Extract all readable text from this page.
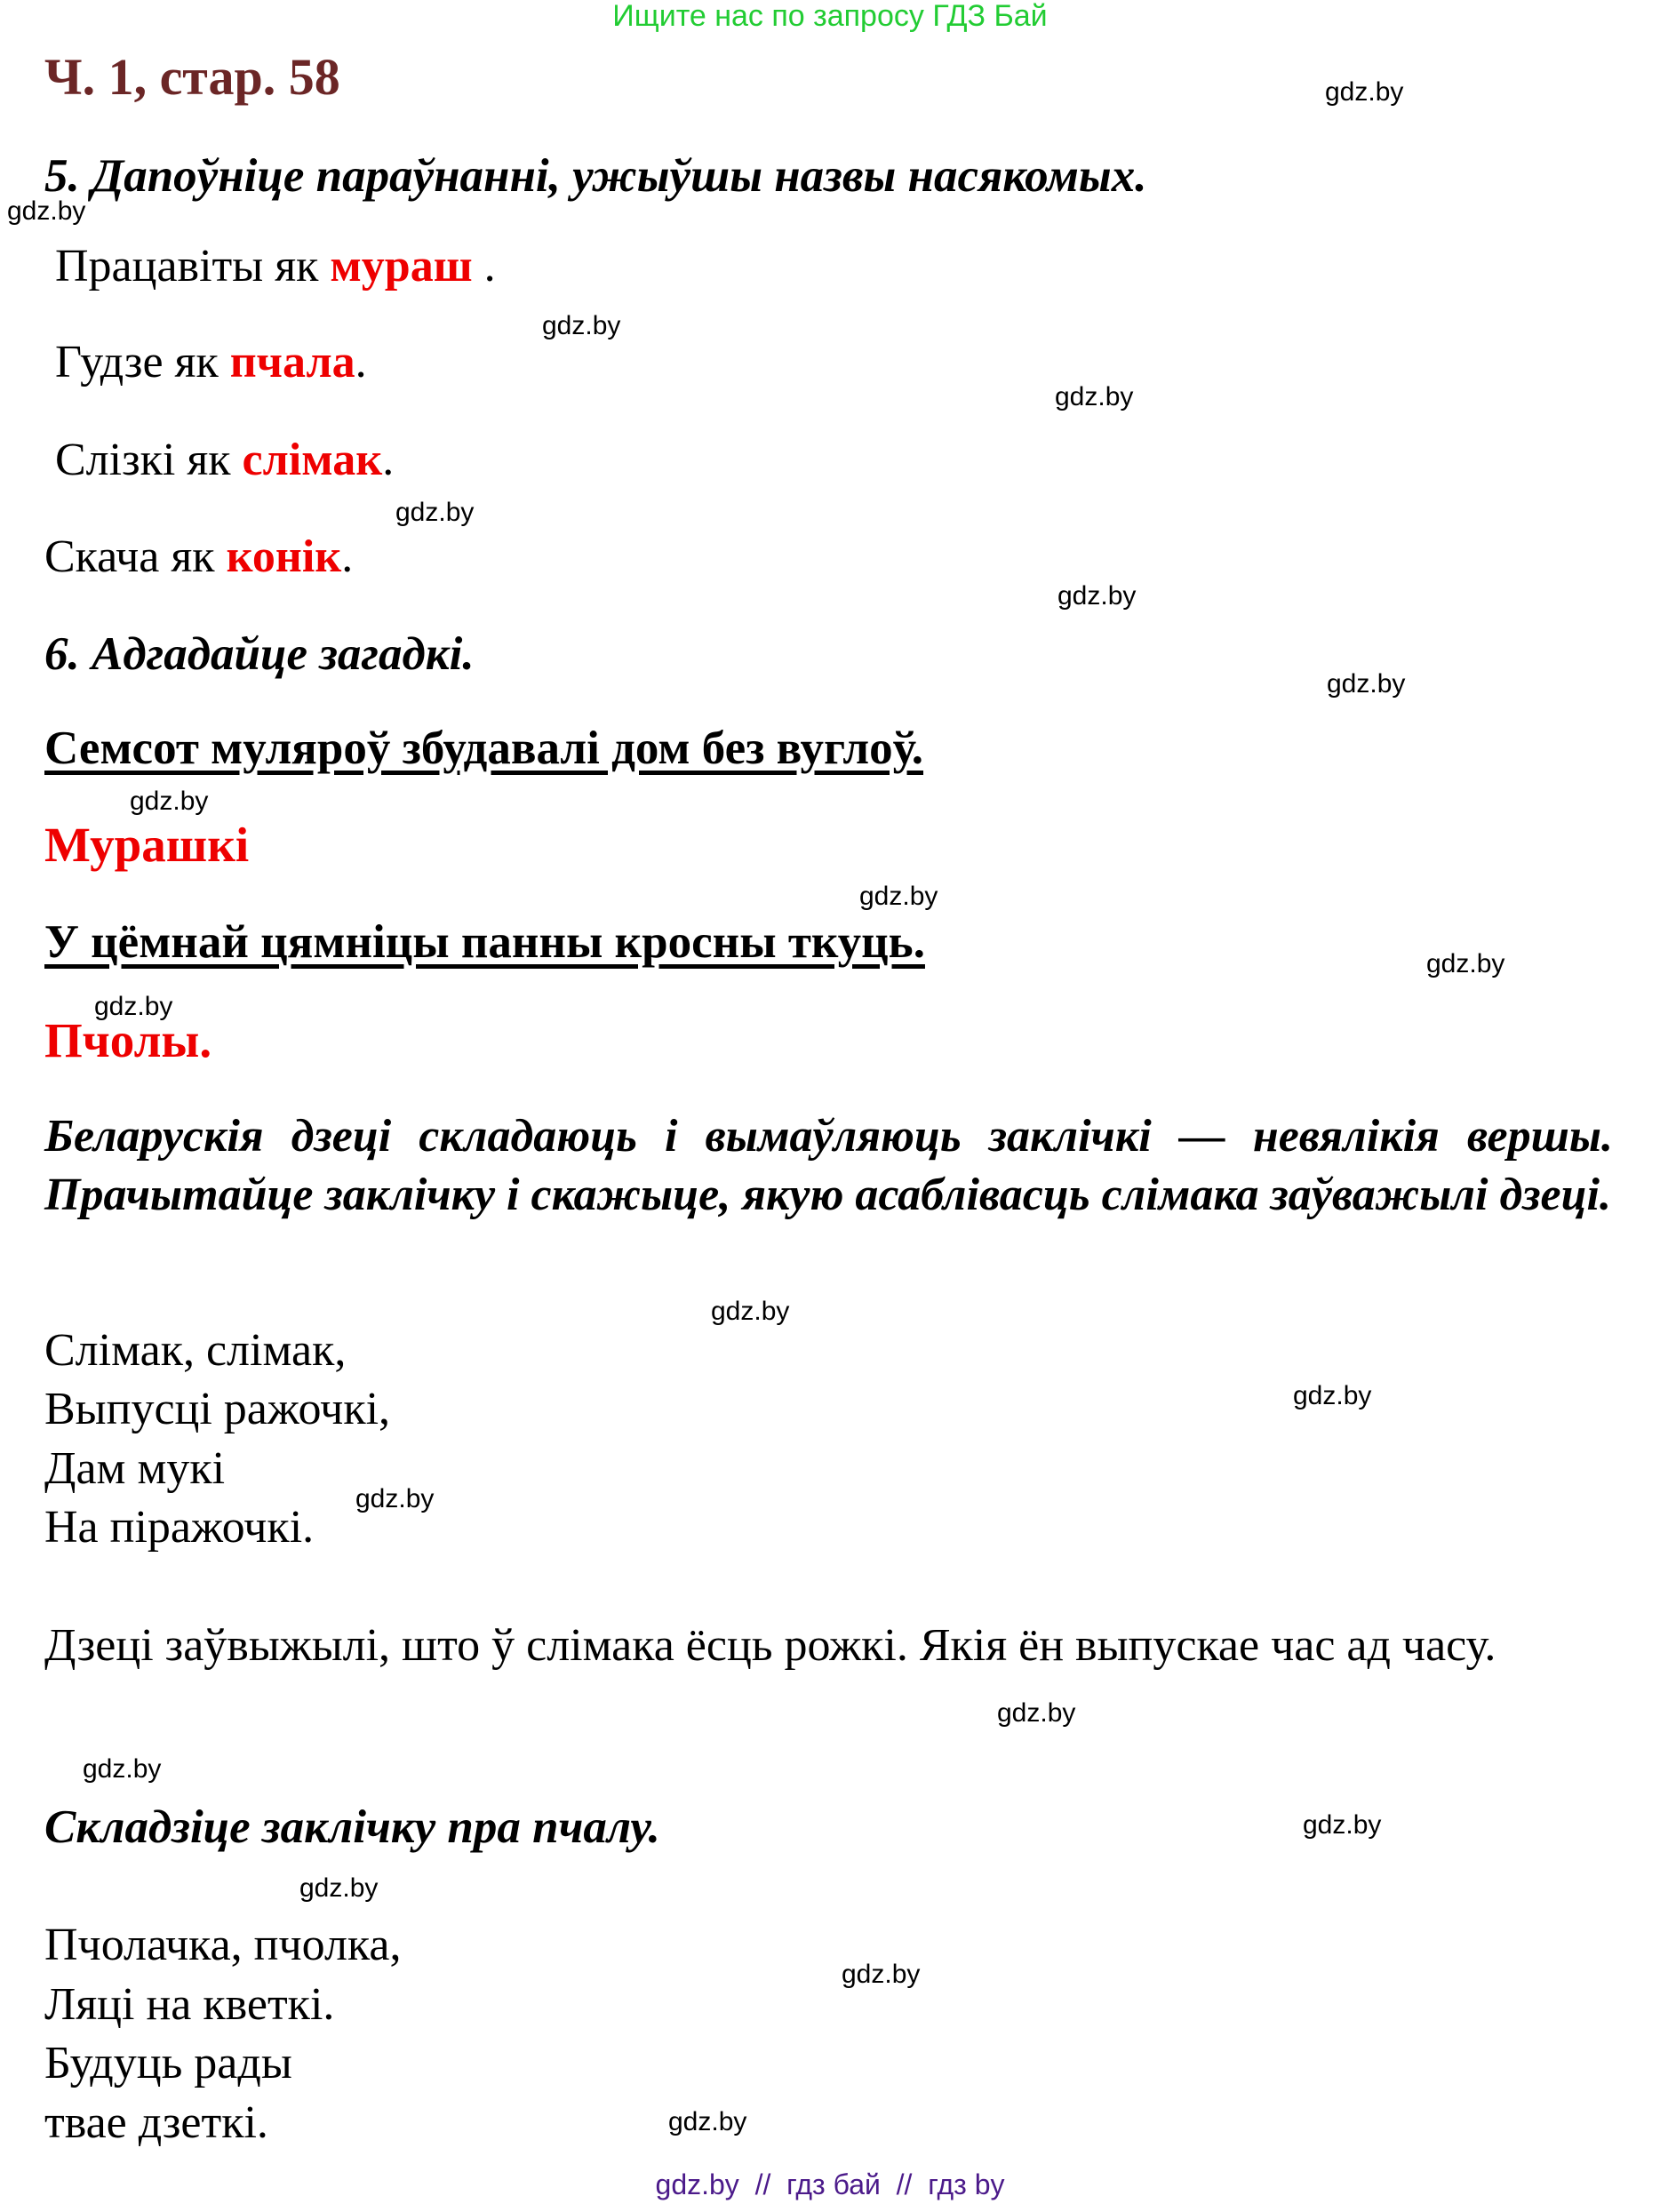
Ищите нас по запросу ГДЗ Бай
Ч. 1, стар. 58
5. Дапоўніце параўнанні, ужыўшы назвы насякомых.
Працавіты як мураш .
Гудзе як пчала.
Слізкі як слімак.
Скача як конік.
6. Адгадайце загадкі.
Семсот муляроў збудавалі дом без вуглоў.
Мурашкі
У цёмнай цямніцы панны кросны ткуць.
Пчолы.
Беларускія дзеці складаюць і вымаўляюць заклічкі — невялікія вершы. Прачытайце заклічку і скажыце, якую асаблівасць слімака заўважылі дзеці.
Слімак, слімак,
Выпусці ражочкі,
Дам мукі
На піражочкі.
Дзеці заўвыжылі, што ў слімака ёсць рожкі. Якія ён выпускае час ад часу.
Складзіце заклічку пра пчалу.
Пчолачка, пчолка,
Ляці на кветкі.
Будуць рады
твае дзеткі.
gdz.by
gdz.by
gdz.by
gdz.by
gdz.by
gdz.by
gdz.by
gdz.by
gdz.by
gdz.by
gdz.by
gdz.by
gdz.by
gdz.by
gdz.by
gdz.by
gdz.by
gdz.by
gdz.by
gdz.by
gdz.by  //  гдз бай  //  гдз by
